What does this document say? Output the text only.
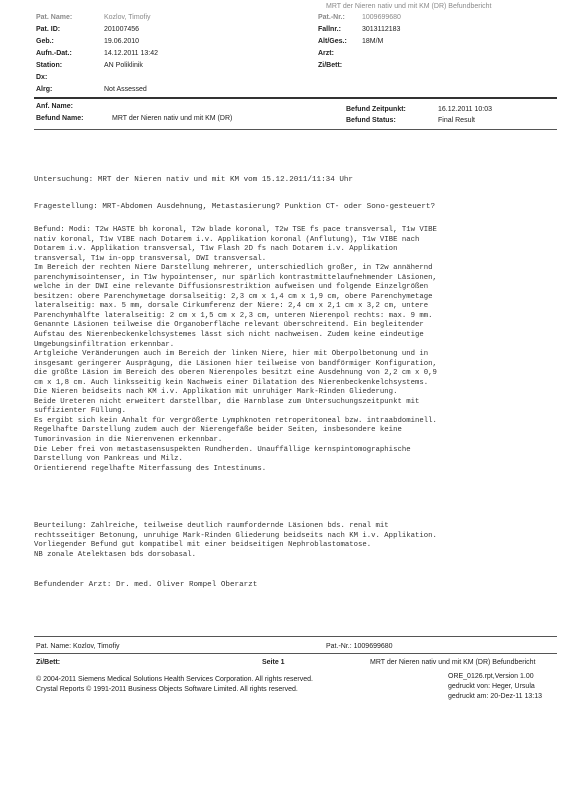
MRT der Nieren nativ und mit KM (DR) Befundbericht
Pat. Name:	Kozlov, Timofiy	Pat.-Nr.: 1009699680
Pat. ID:	201007456	Fallnr.:	3013112183
Geb.:	19.06.2010	Alt/Ges.: 18M/M
Aufn.-Dat.:	14.12.2011 13:42	Arzt:
Station:	AN Poliklinik	Zi/Bett:
Dx:
Alrg:	Not Assessed
Anf. Name:
Befund Name:	MRT der Nieren nativ und mit KM (DR)
Befund Zeitpunkt:	16.12.2011 10:03
Befund Status:	Final Result
Untersuchung: MRT der Nieren nativ und mit KM vom 15.12.2011/11:34 Uhr
Fragestellung: MRT-Abdomen Ausdehnung, Metastasierung? Punktion CT- oder Sono-gesteuert?
Befund: Modi: T2w HASTE bh koronal, T2w blade koronal, T2w TSE fs pace transversal, T1w VIBE
nativ koronal, T1w VIBE nach Dotarem i.v. Applikation koronal (Anflutung), T1w VIBE nach
Dotarem i.v. Applikation transversal, T1w Flash 2D fs nach Dotarem i.v. Applikation
transversal, T1w in-opp transversal, DWI transversal.
Im Bereich der rechten Niere Darstellung mehrerer, unterschiedlich großer, in T2w annähernd
parenchymisointenser, in T1w hypointenser, nur spärlich kontrastmittelaufnehmender Läsionen,
welche in der DWI eine relevante Diffusionsrestriktion aufweisen und folgende Einzelgrößen
besitzen: obere Parenchymetage dorsalseitig: 2,3 cm x 1,4 cm x 1,9 cm, obere Parenchymetage
lateralseitig: max. 5 mm, dorsale Cirkumferenz der Niere: 2,4 cm x 2,1 cm x 3,2 cm, untere
Parenchymhälfte lateralseitig: 2 cm x 1,5 cm x 2,3 cm, unteren Nierenpol rechts: max. 9 mm.
Genannte Läsionen teilweise die Organoberfläche relevant überschreitend. Ein begleitender
Aufstau des Nierenbeckenkelchsystemes lässt sich nicht nachweisen. Zudem keine eindeutige
Umgebungsinfiltration erkennbar.
Artgleiche Veränderungen auch im Bereich der linken Niere, hier mit Oberpolbetonung und in
insgesamt geringerer Ausprägung, die Läsionen hier teilweise von bandförmiger Konfiguration,
die größte Läsion im Bereich des oberen Nierenpoles besitzt eine Ausdehnung von 2,2 cm x 0,9
cm x 1,8 cm. Auch linksseitig kein Nachweis einer Dilatation des Nierenbeckenkelchsystems.
Die Nieren beidseits nach KM i.v. Applikation mit unruhiger Mark-Rinden Gliederung.
Beide Ureteren nicht erweitert darstellbar, die Harnblase zum Untersuchungszeitpunkt mit
suffizienter Füllung.
Es ergibt sich kein Anhalt für vergrößerte Lymphknoten retroperitoneal bzw. intraabdominell.
Regelhafte Darstellung zudem auch der Nierengefäße beider Seiten, insbesondere keine
Tumorinvasion in die Nierenvenen erkennbar.
Die Leber frei von metastasensuspekten Rundherden. Unauffällige kernspintomographische
Darstellung von Pankreas und Milz.
Orientierend regelhafte Miterfassung des Intestinums.
Beurteilung: Zahlreiche, teilweise deutlich raumfordernde Läsionen bds. renal mit
rechtsseitiger Betonung, unruhige Mark-Rinden Gliederung beidseits nach KM i.v. Applikation.
Vorliegender Befund gut kompatibel mit einer beidseitigen Nephroblastomatose.
NB zonale Atelektasen bds dorsobasal.
Befundender Arzt: Dr. med. Oliver Rompel Oberarzt
Pat. Name: Kozlov, Timofiy	Pat.-Nr.: 1009699680
Zi/Bett:	Seite 1	MRT der Nieren nativ und mit KM (DR) Befundbericht
© 2004-2011 Siemens Medical Solutions Health Services Corporation. All rights reserved.
Crystal Reports © 1991-2011 Business Objects Software Limited. All rights reserved.
ORE_0126.rpt,Version 1.00
gedruckt von: Heger, Ursula
gedruckt am: 20-Dez-11 13:13
